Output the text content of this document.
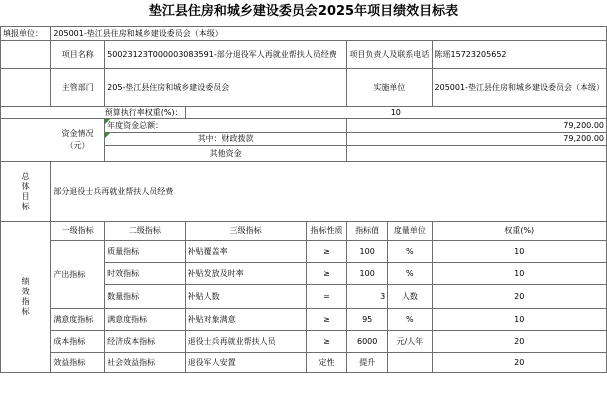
垫江县住房和城乡建设委员会2025年项目绩效目标表
填报单位：	205001-垫江县住房和城乡建设委员会（本级）						
	项目名称	50023123T000003083591-部分退役军人再就业帮扶人员经费			项目负责人及联系电话		陈瑶15723205652
	主管部门	205-垫江县住房和城乡建设委员会			实施单位		205001-垫江县住房和城乡建设委员会（本级）
预算执行率权重(%)：			10				
	资金情况
（元）	年度资金总额：			79,200.00		
		其中：财政拨款			79,200.00		
		其他资金					
总体目标	部分退役士兵再就业帮扶人员经费						
绩效指标	一级指标	二级指标	三级指标	指标性质	指标值	度量单位	权重(%)
	产出指标	质量指标	补贴覆盖率	≥	100	%	10
		时效指标	补贴发放及时率	≥	100	%	10
		数量指标	补贴人数	=	3	人数	20
	满意度指标	满意度指标	补贴对象满意	≥	95	%	10
	成本指标	经济成本指标	退役士兵再就业帮扶人员	≥	6000	元/人年	20
	效益指标	社会效益指标	退役军人安置	定性	提升		20
